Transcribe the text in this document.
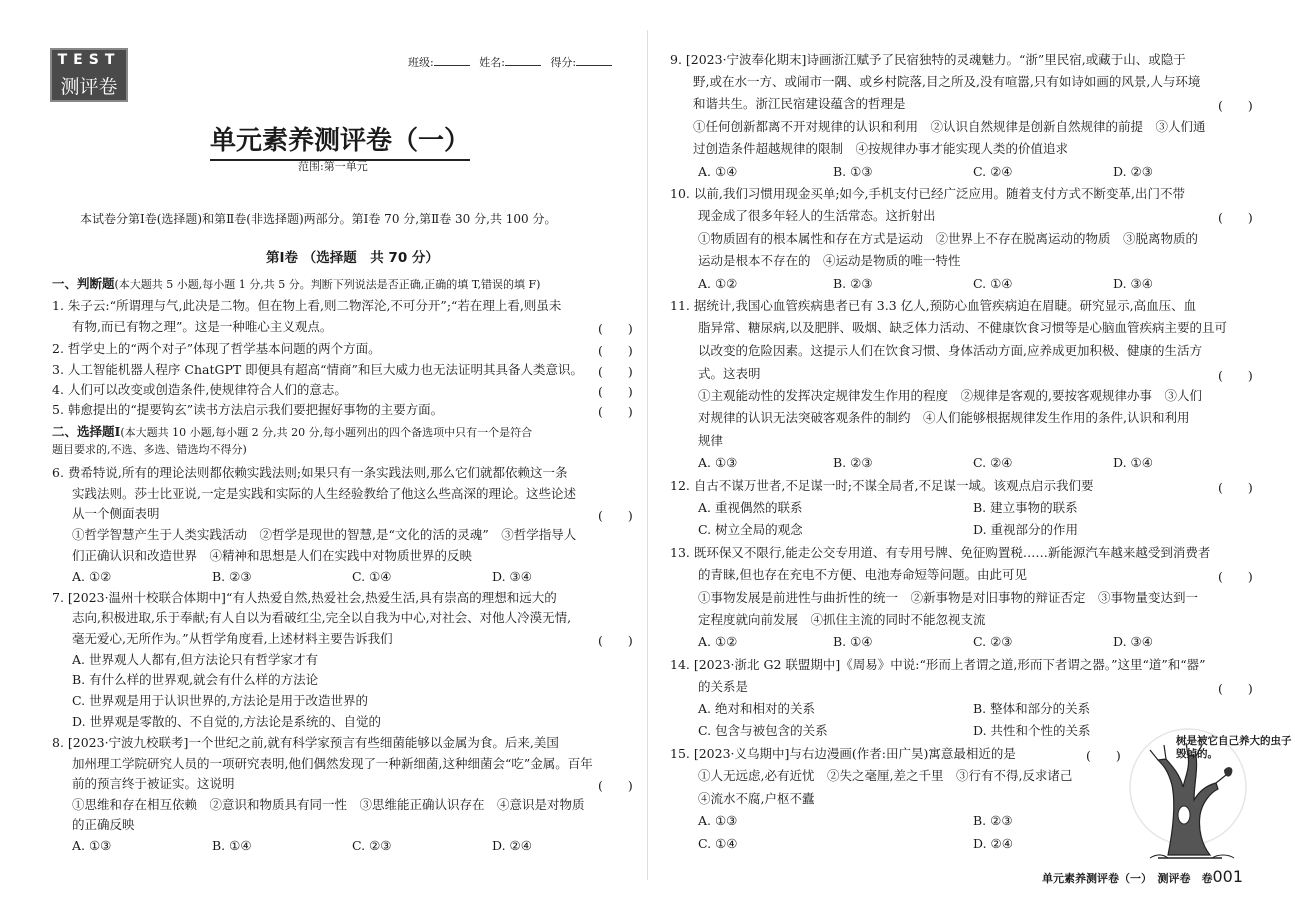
TEST
测评卷
班级:	姓名:	得分:
单元素养测评卷（一）
范围:第一单元
本试卷分第Ⅰ卷(选择题)和第Ⅱ卷(非选择题)两部分。第Ⅰ卷 70 分,第Ⅱ卷 30 分,共 100 分。
第Ⅰ卷 （选择题　共 70 分）
一、判断题(本大题共 5 小题,每小题 1 分,共 5 分。判断下列说法是否正确,正确的填 T,错误的填 F)
1. 朱子云:“所谓理与气,此决是二物。但在物上看,则二物浑沦,不可分开”;“若在理上看,则虽未
有物,而已有物之理”。这是一种唯心主义观点。	(　　)
2. 哲学史上的“两个对子”体现了哲学基本问题的两个方面。	(　　)
3. 人工智能机器人程序 ChatGPT 即便具有超高“情商”和巨大威力也无法证明其具备人类意识。 (　　)
4. 人们可以改变或创造条件,使规律符合人们的意志。	(　　)
5. 韩愈提出的“提要钩玄”读书方法启示我们要把握好事物的主要方面。	(　　)
二、选择题Ⅰ(本大题共 10 小题,每小题 2 分,共 20 分,每小题列出的四个备选项中只有一个是符合
题目要求的,不选、多选、错选均不得分)
6. 费希特说,所有的理论法则都依赖实践法则;如果只有一条实践法则,那么它们就都依赖这一条
实践法则。莎士比亚说,一定是实践和实际的人生经验教给了他这么些高深的理论。这些论述
从一个侧面表明	(　　)
①哲学智慧产生于人类实践活动　②哲学是现世的智慧,是“文化的活的灵魂”　③哲学指导人
们正确认识和改造世界　④精神和思想是人们在实践中对物质世界的反映
A. ①②	B. ②③	C. ①④	D. ③④
7. [2023·温州十校联合体期中]“有人热爱自然,热爱社会,热爱生活,具有崇高的理想和远大的
志向,积极进取,乐于奉献;有人自以为看破红尘,完全以自我为中心,对社会、对他人冷漠无情,
毫无爱心,无所作为。”从哲学角度看,上述材料主要告诉我们	(　　)
A. 世界观人人都有,但方法论只有哲学家才有
B. 有什么样的世界观,就会有什么样的方法论
C. 世界观是用于认识世界的,方法论是用于改造世界的
D. 世界观是零散的、不自觉的,方法论是系统的、自觉的
8. [2023·宁波九校联考]一个世纪之前,就有科学家预言有些细菌能够以金属为食。后来,美国
加州理工学院研究人员的一项研究表明,他们偶然发现了一种新细菌,这种细菌会“吃”金属。百年
前的预言终于被证实。这说明	(　　)
①思维和存在相互依赖　②意识和物质具有同一性　③思维能正确认识存在　④意识是对物质
的正确反映
A. ①③	B. ①④	C. ②③	D. ②④
9. [2023·宁波奉化期末]诗画浙江赋予了民宿独特的灵魂魅力。“浙”里民宿,或藏于山、或隐于
野,或在水一方、或闹市一隅、或乡村院落,目之所及,没有喧嚣,只有如诗如画的风景,人与环境
和谐共生。浙江民宿建设蕴含的哲理是	(　　)
①任何创新都离不开对规律的认识和利用　②认识自然规律是创新自然规律的前提　③人们通
过创造条件超越规律的限制　④按规律办事才能实现人类的价值追求
A. ①④	B. ①③	C. ②④	D. ②③
10. 以前,我们习惯用现金买单;如今,手机支付已经广泛应用。随着支付方式不断变革,出门不带
现金成了很多年轻人的生活常态。这折射出	(　　)
①物质固有的根本属性和存在方式是运动　②世界上不存在脱离运动的物质　③脱离物质的
运动是根本不存在的　④运动是物质的唯一特性
A. ①②	B. ②③	C. ①④	D. ③④
11. 据统计,我国心血管疾病患者已有 3.3 亿人,预防心血管疾病迫在眉睫。研究显示,高血压、血
脂异常、糖尿病,以及肥胖、吸烟、缺乏体力活动、不健康饮食习惯等是心脑血管疾病主要的且可
以改变的危险因素。这提示人们在饮食习惯、身体活动方面,应养成更加积极、健康的生活方
式。这表明	(　　)
①主观能动性的发挥决定规律发生作用的程度　②规律是客观的,要按客观规律办事　③人们
对规律的认识无法突破客观条件的制约　④人们能够根据规律发生作用的条件,认识和利用
规律
A. ①③	B. ②③	C. ②④	D. ①④
12. 自古不谋万世者,不足谋一时;不谋全局者,不足谋一域。该观点启示我们要	(　　)
A. 重视偶然的联系	B. 建立事物的联系
C. 树立全局的观念	D. 重视部分的作用
13. 既环保又不限行,能走公交专用道、有专用号牌、免征购置税……新能源汽车越来越受到消费者
的青睐,但也存在充电不方便、电池寿命短等问题。由此可见	(　　)
①事物发展是前进性与曲折性的统一　②新事物是对旧事物的辩证否定　③事物量变达到一
定程度就向前发展　④抓住主流的同时不能忽视支流
A. ①②	B. ①④	C. ②③	D. ③④
14. [2023·浙北 G2 联盟期中]《周易》中说:“形而上者谓之道,形而下者谓之器。”这里“道”和“器”
的关系是	(　　)
A. 绝对和相对的关系	B. 整体和部分的关系
C. 包含与被包含的关系	D. 共性和个性的关系
15. [2023·义乌期中]与右边漫画(作者:田广昊)寓意最相近的是	(　　)
①人无远虑,必有近忧　②失之毫厘,差之千里　③行有不得,反求诸己
④流水不腐,户枢不蠹
A. ①③	B. ②③
C. ①④	D. ②④
树是被它自己养大的虫子
毁掉的。
单元素养测评卷（一）　测评卷　卷001
